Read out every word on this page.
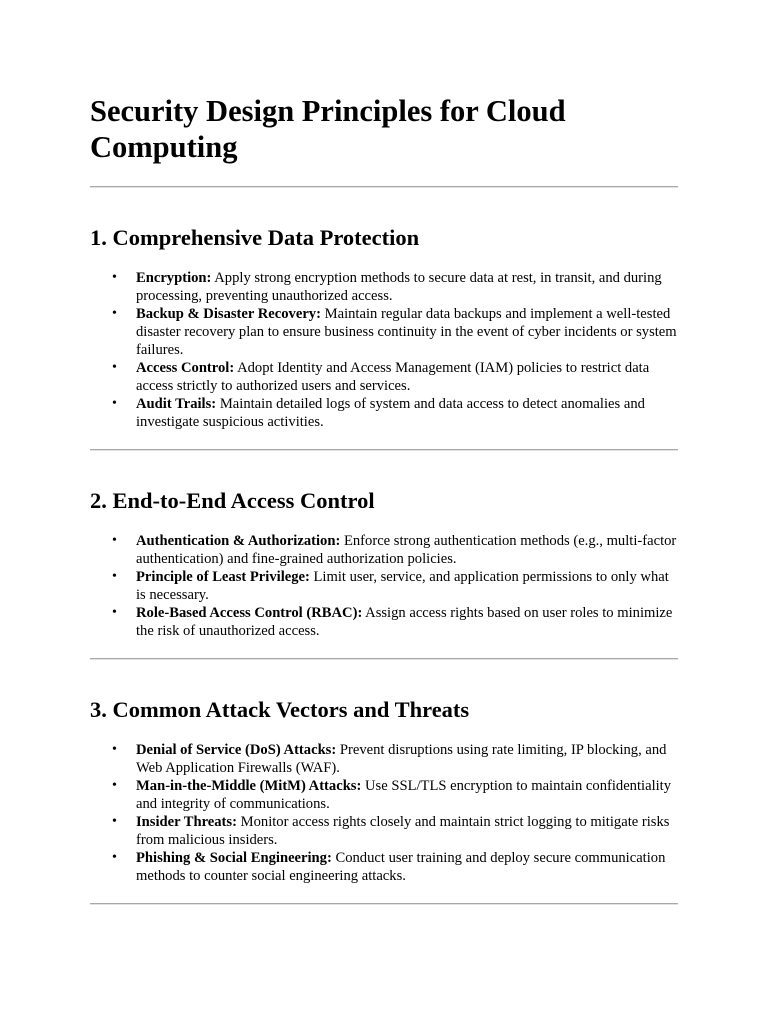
Security Design Principles for Cloud Computing
1. Comprehensive Data Protection
• Encryption: Apply strong encryption methods to secure data at rest, in transit, and during processing, preventing unauthorized access.
• Backup & Disaster Recovery: Maintain regular data backups and implement a well-tested disaster recovery plan to ensure business continuity in the event of cyber incidents or system failures.
• Access Control: Adopt Identity and Access Management (IAM) policies to restrict data access strictly to authorized users and services.
• Audit Trails: Maintain detailed logs of system and data access to detect anomalies and investigate suspicious activities.
2. End-to-End Access Control
• Authentication & Authorization: Enforce strong authentication methods (e.g., multi-factor authentication) and fine-grained authorization policies.
• Principle of Least Privilege: Limit user, service, and application permissions to only what is necessary.
• Role-Based Access Control (RBAC): Assign access rights based on user roles to minimize the risk of unauthorized access.
3. Common Attack Vectors and Threats
• Denial of Service (DoS) Attacks: Prevent disruptions using rate limiting, IP blocking, and Web Application Firewalls (WAF).
• Man-in-the-Middle (MitM) Attacks: Use SSL/TLS encryption to maintain confidentiality and integrity of communications.
• Insider Threats: Monitor access rights closely and maintain strict logging to mitigate risks from malicious insiders.
• Phishing & Social Engineering: Conduct user training and deploy secure communication methods to counter social engineering attacks.
